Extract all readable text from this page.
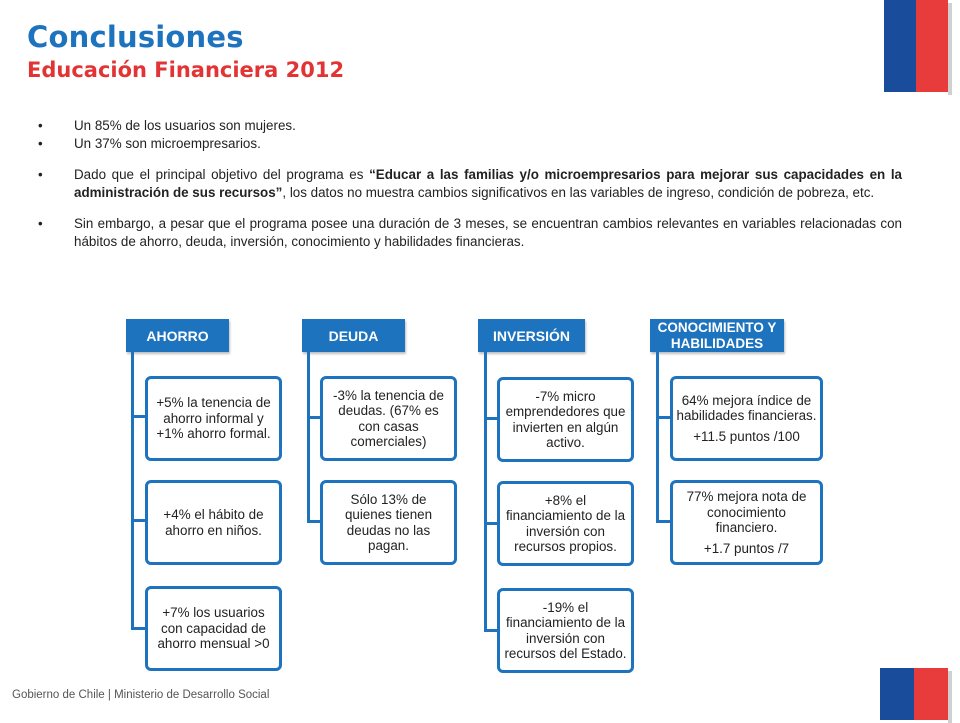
Conclusiones
Educación Financiera 2012
• Un 85% de los usuarios son mujeres.
• Un 37% son microempresarios.
• Dado que el principal objetivo del programa es “Educar a las familias y/o microempresarios para mejorar sus capacidades en la administración de sus recursos”, los datos no muestra cambios significativos en las variables de ingreso, condición de pobreza, etc.
• Sin embargo, a pesar que el programa posee una duración de 3 meses, se encuentran cambios relevantes en variables relacionadas con hábitos de ahorro, deuda, inversión, conocimiento y habilidades financieras.
AHORRO
+5% la tenencia de ahorro informal y +1% ahorro formal.
+4% el hábito de ahorro en niños.
+7% los usuarios con capacidad de ahorro mensual >0
DEUDA
-3% la tenencia de deudas. (67% es con casas comerciales)
Sólo 13% de quienes tienen deudas no las pagan.
INVERSIÓN
-7% micro emprendedores que invierten en algún activo.
+8% el financiamiento de la inversión con recursos propios.
-19% el financiamiento de la inversión con recursos del Estado.
CONOCIMIENTO Y HABILIDADES
64% mejora índice de habilidades financieras.
+11.5 puntos /100
77% mejora nota de conocimiento financiero.
+1.7 puntos /7
Gobierno de Chile | Ministerio de Desarrollo Social
